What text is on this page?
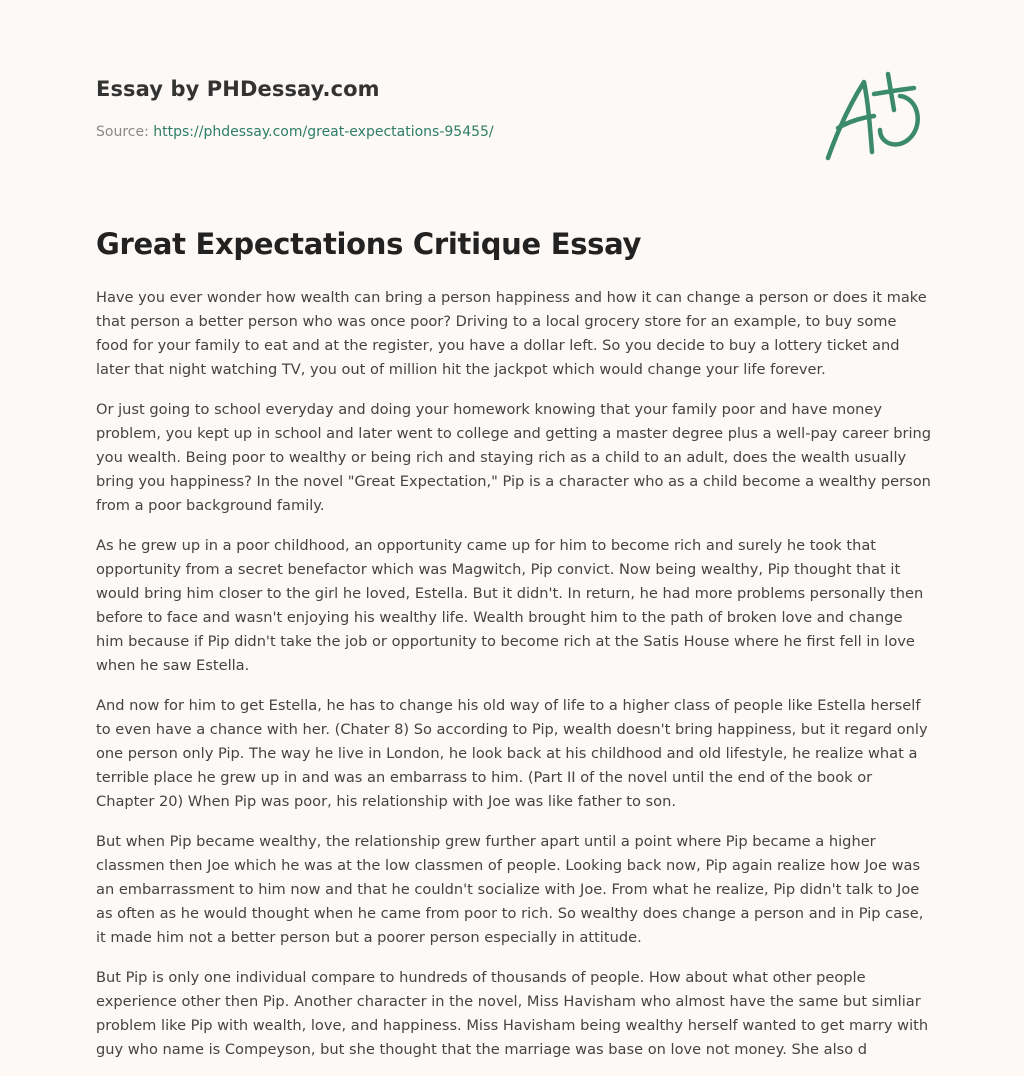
Essay by PHDessay.com
Source: https://phdessay.com/great-expectations-95455/
Great Expectations Critique Essay

Have you ever wonder how wealth can bring a person happiness and how it can change a person or does it make that person a better person who was once poor? Driving to a local grocery store for an example, to buy some food for your family to eat and at the register, you have a dollar left. So you decide to buy a lottery ticket and later that night watching TV, you out of million hit the jackpot which would change your life forever.

Or just going to school everyday and doing your homework knowing that your family poor and have money problem, you kept up in school and later went to college and getting a master degree plus a well-pay career bring you wealth. Being poor to wealthy or being rich and staying rich as a child to an adult, does the wealth usually bring you happiness? In the novel "Great Expectation," Pip is a character who as a child become a wealthy person from a poor background family.

As he grew up in a poor childhood, an opportunity came up for him to become rich and surely he took that opportunity from a secret benefactor which was Magwitch, Pip convict. Now being wealthy, Pip thought that it would bring him closer to the girl he loved, Estella. But it didn't. In return, he had more problems personally then before to face and wasn't enjoying his wealthy life. Wealth brought him to the path of broken love and change him because if Pip didn't take the job or opportunity to become rich at the Satis House where he first fell in love when he saw Estella.

And now for him to get Estella, he has to change his old way of life to a higher class of people like Estella herself to even have a chance with her. (Chater 8) So according to Pip, wealth doesn't bring happiness, but it regard only one person only Pip. The way he live in London, he look back at his childhood and old lifestyle, he realize what a terrible place he grew up in and was an embarrass to him. (Part II of the novel until the end of the book or Chapter 20) When Pip was poor, his relationship with Joe was like father to son.

But when Pip became wealthy, the relationship grew further apart until a point where Pip became a higher classmen then Joe which he was at the low classmen of people. Looking back now, Pip again realize how Joe was an embarrassment to him now and that he couldn't socialize with Joe. From what he realize, Pip didn't talk to Joe as often as he would thought when he came from poor to rich. So wealthy does change a person and in Pip case, it made him not a better person but a poorer person especially in attitude.

But Pip is only one individual compare to hundreds of thousands of people. How about what other people experience other then Pip. Another character in the novel, Miss Havisham who almost have the same but simliar problem like Pip with wealth, love, and happiness. Miss Havisham being wealthy herself wanted to get marry with guy who name is Compeyson, but she thought that the marriage was base on love not money. She also d
